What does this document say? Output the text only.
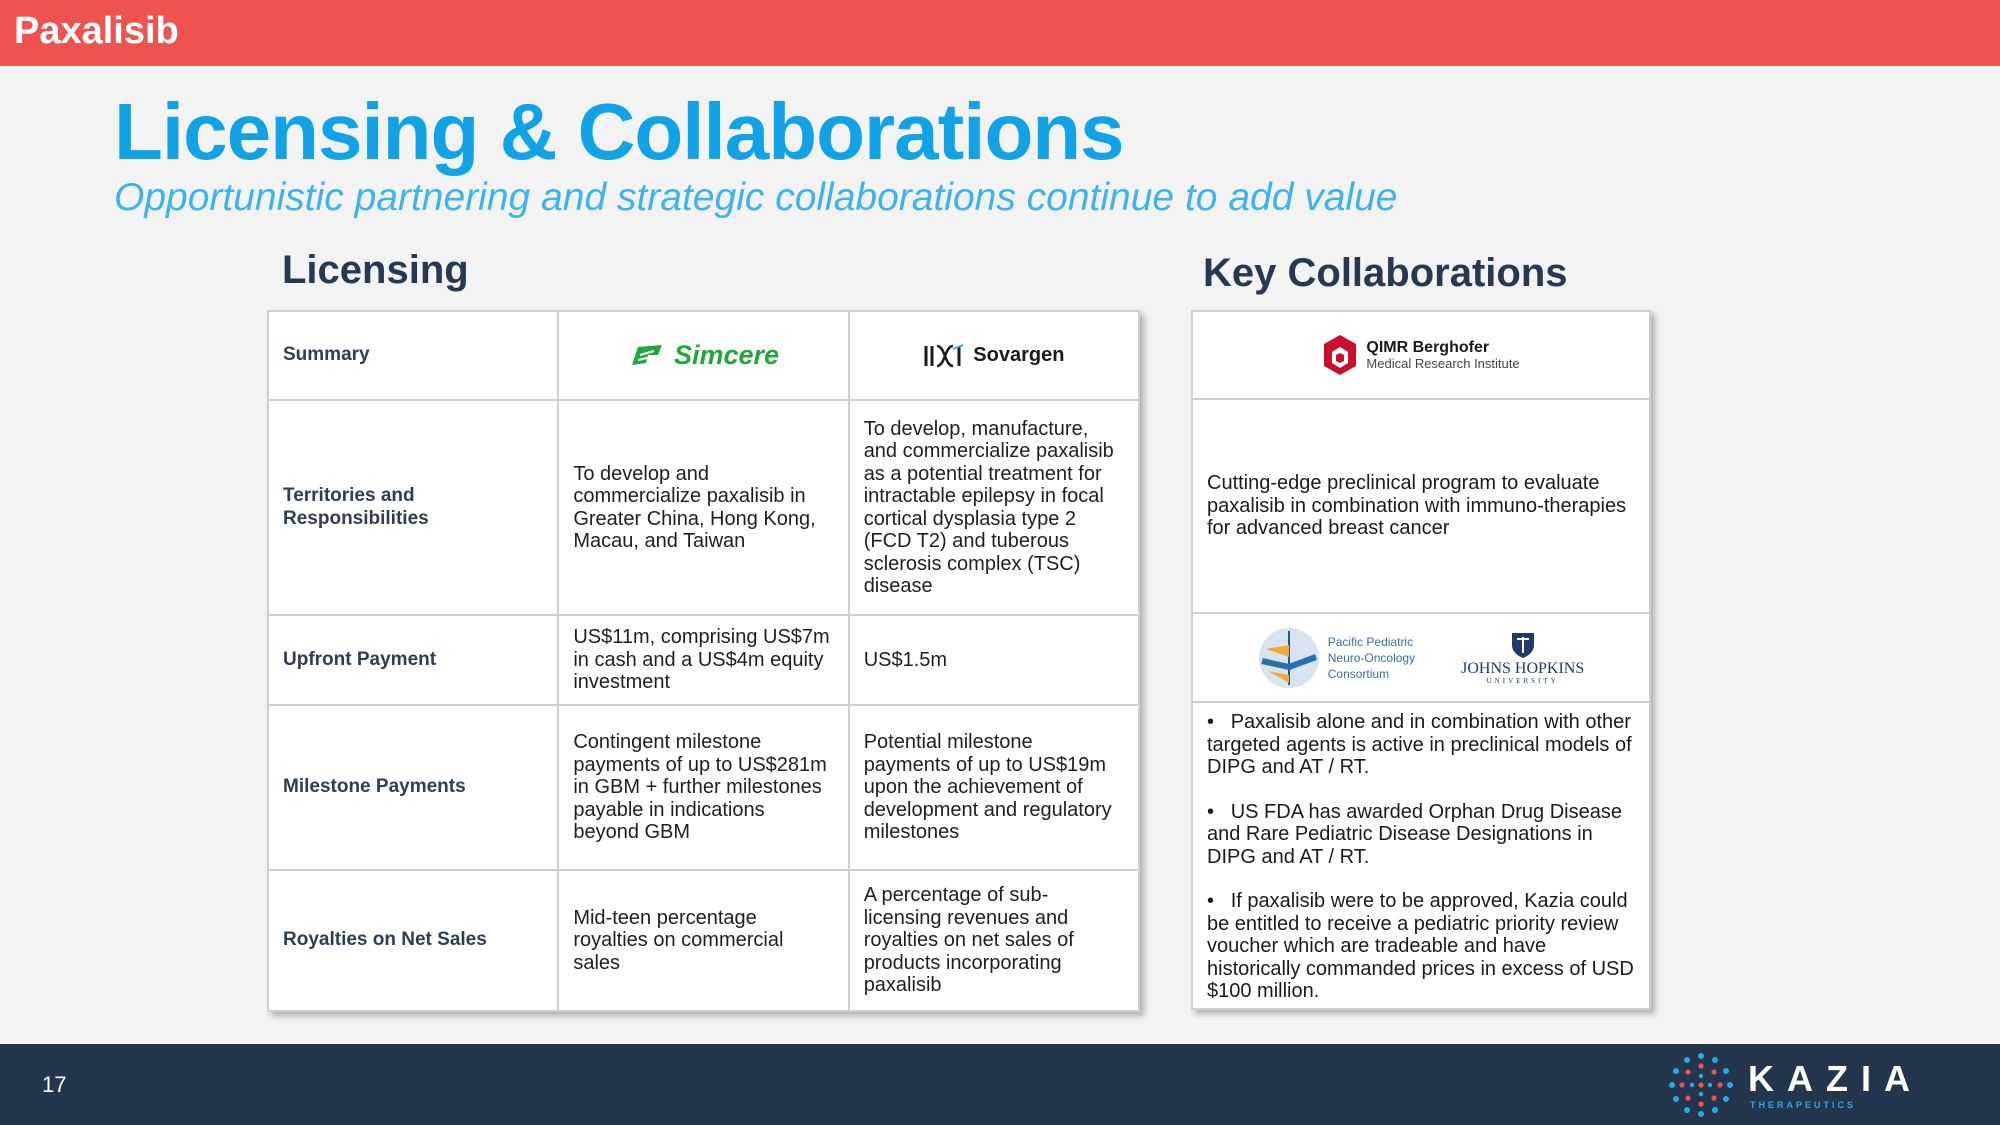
Paxalisib
Licensing & Collaborations
Opportunistic partnering and strategic collaborations continue to add value
Licensing	Key Collaborations
Summary	Simcere	Sovargen

Territories and Responsibilities	To develop and commercialize paxalisib in Greater China, Hong Kong, Macau, and Taiwan	To develop, manufacture, and commercialize paxalisib as a potential treatment for intractable epilepsy in focal cortical dysplasia type 2 (FCD T2) and tuberous sclerosis complex (TSC) disease
Upfront Payment	US$11m, comprising US$7m in cash and a US$4m equity investment	US$1.5m
Milestone Payments	Contingent milestone payments of up to US$281m in GBM + further milestones payable in indications beyond GBM	Potential milestone payments of up to US$19m upon the achievement of development and regulatory milestones
Royalties on Net Sales	Mid-teen percentage royalties on commercial sales	A percentage of sub-licensing revenues and royalties on net sales of products incorporating paxalisib
QIMR Berghofer
Medical Research Institute
Cutting-edge preclinical program to evaluate paxalisib in combination with immuno-therapies for advanced breast cancer
Pacific Pediatric
Neuro-Oncology
Consortium	JOHNS HOPKINS
UNIVERSITY

• Paxalisib alone and in combination with other targeted agents is active in preclinical models of DIPG and AT / RT.

• US FDA has awarded Orphan Drug Disease and Rare Pediatric Disease Designations in DIPG and AT / RT.

• If paxalisib were to be approved, Kazia could be entitled to receive a pediatric priority review voucher which are tradeable and have historically commanded prices in excess of USD $100 million.

17	KAZIA
THERAPEUTICS
